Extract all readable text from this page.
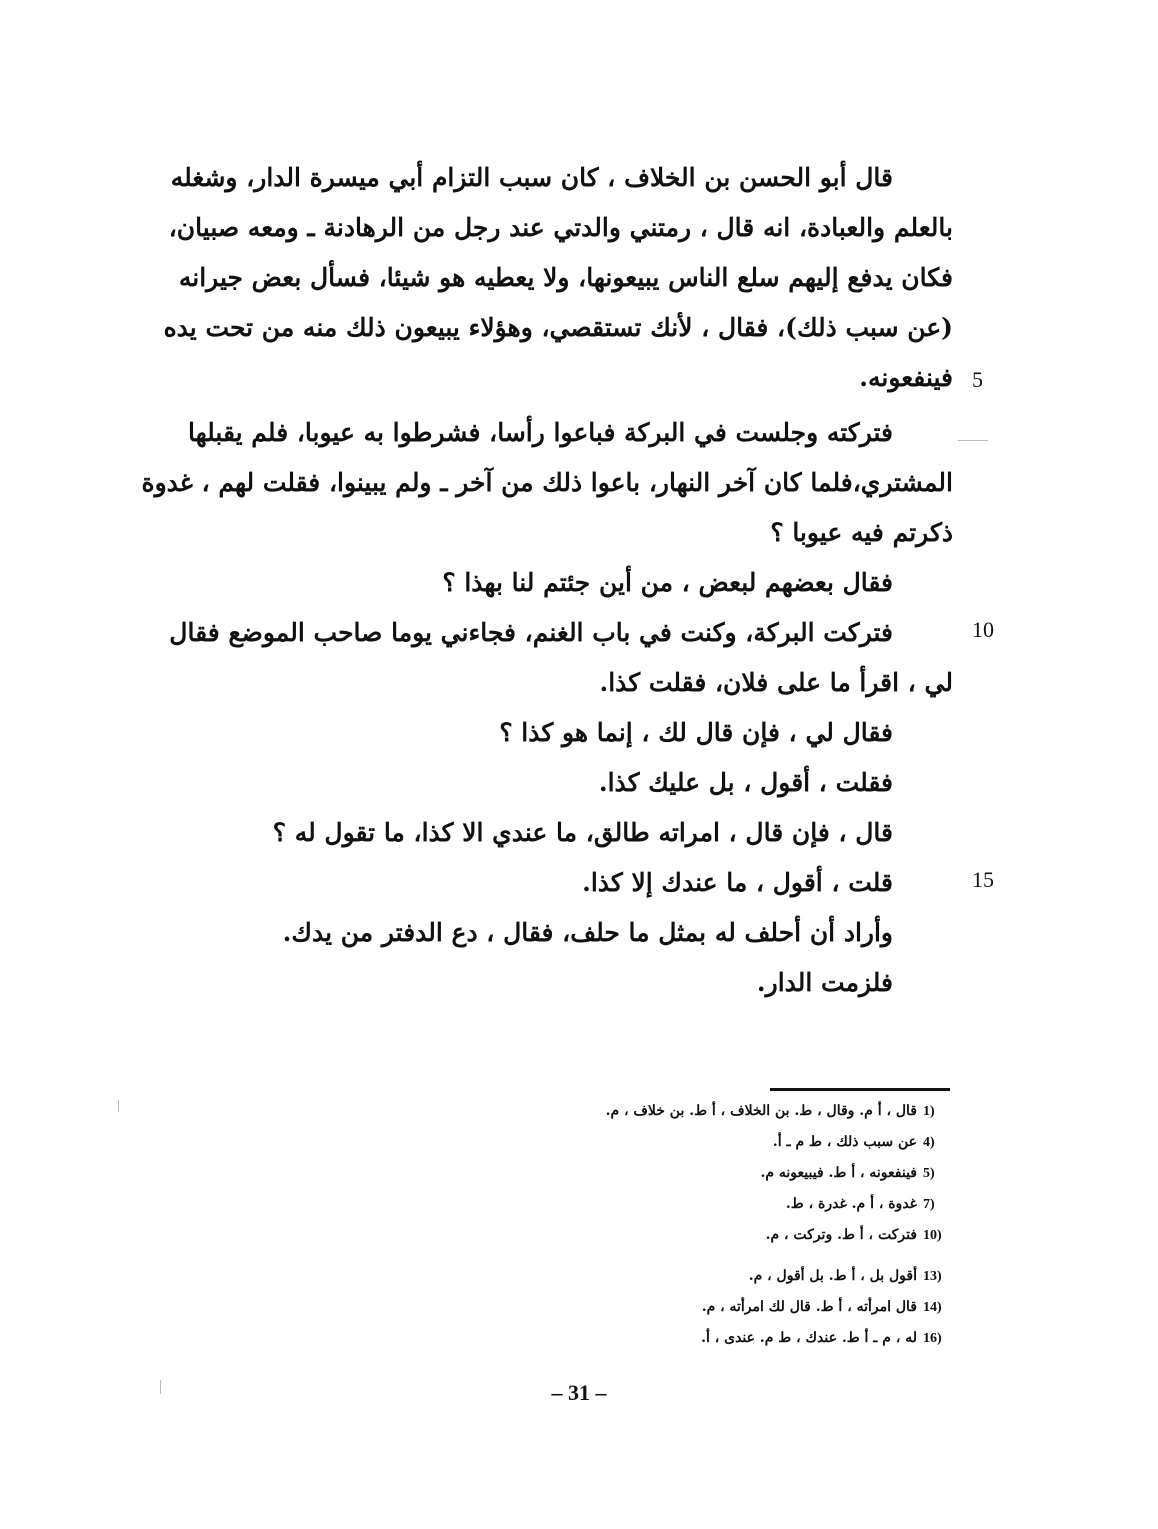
قال أبو الحسن بن الخلاف ، كان سبب التزام أبي ميسرة الدار، وشغله
بالعلم والعبادة، انه قال ، رمتني والدتي عند رجل من الرهادنة ـ ومعه صبيان،
فكان يدفع إليهم سلع الناس يبيعونها، ولا يعطيه هو شيئا، فسأل بعض جيرانه
(عن سبب ذلك)، فقال ، لأنك تستقصي، وهؤلاء يبيعون ذلك منه من تحت يده
فينفعونه.
فتركته وجلست في البركة فباعوا رأسا، فشرطوا به عيوبا، فلم يقبلها
المشتري،فلما كان آخر النهار، باعوا ذلك من آخر ـ ولم يبينوا، فقلت لهم ، غدوة
ذكرتم فيه عيوبا ؟
فقال بعضهم لبعض ، من أين جئتم لنا بهذا ؟
فتركت البركة، وكنت في باب الغنم، فجاءني يوما صاحب الموضع فقال
لي ، اقرأ ما على فلان، فقلت كذا.
فقال لي ، فإن قال لك ، إنما هو كذا ؟
فقلت ، أقول ، بل عليك كذا.
قال ، فإن قال ، امراته طالق، ما عندي الا كذا، ما تقول له ؟
قلت ، أقول ، ما عندك إلا كذا.
وأراد أن أحلف له بمثل ما حلف، فقال ، دع الدفتر من يدك.
فلزمت الدار.
5
10
15
1)قال ، أ م. وقال ، ط. بن الخلاف ، أ ط. بن خلاف ، م.
4)عن سبب ذلك ، ط م ـ أ.
5)فينفعونه ، أ ط. فيبيعونه م.
7)غدوة ، أ م. غدرة ، ط.
10)فتركت ، أ ط. وتركت ، م.
13)أقول بل ، أ ط. بل أقول ، م.
14)قال امرأته ، أ ط. قال لك امرأته ، م.
16)له ، م ـ أ ط. عندك ، ط م. عندى ، أ.
– 31 –
